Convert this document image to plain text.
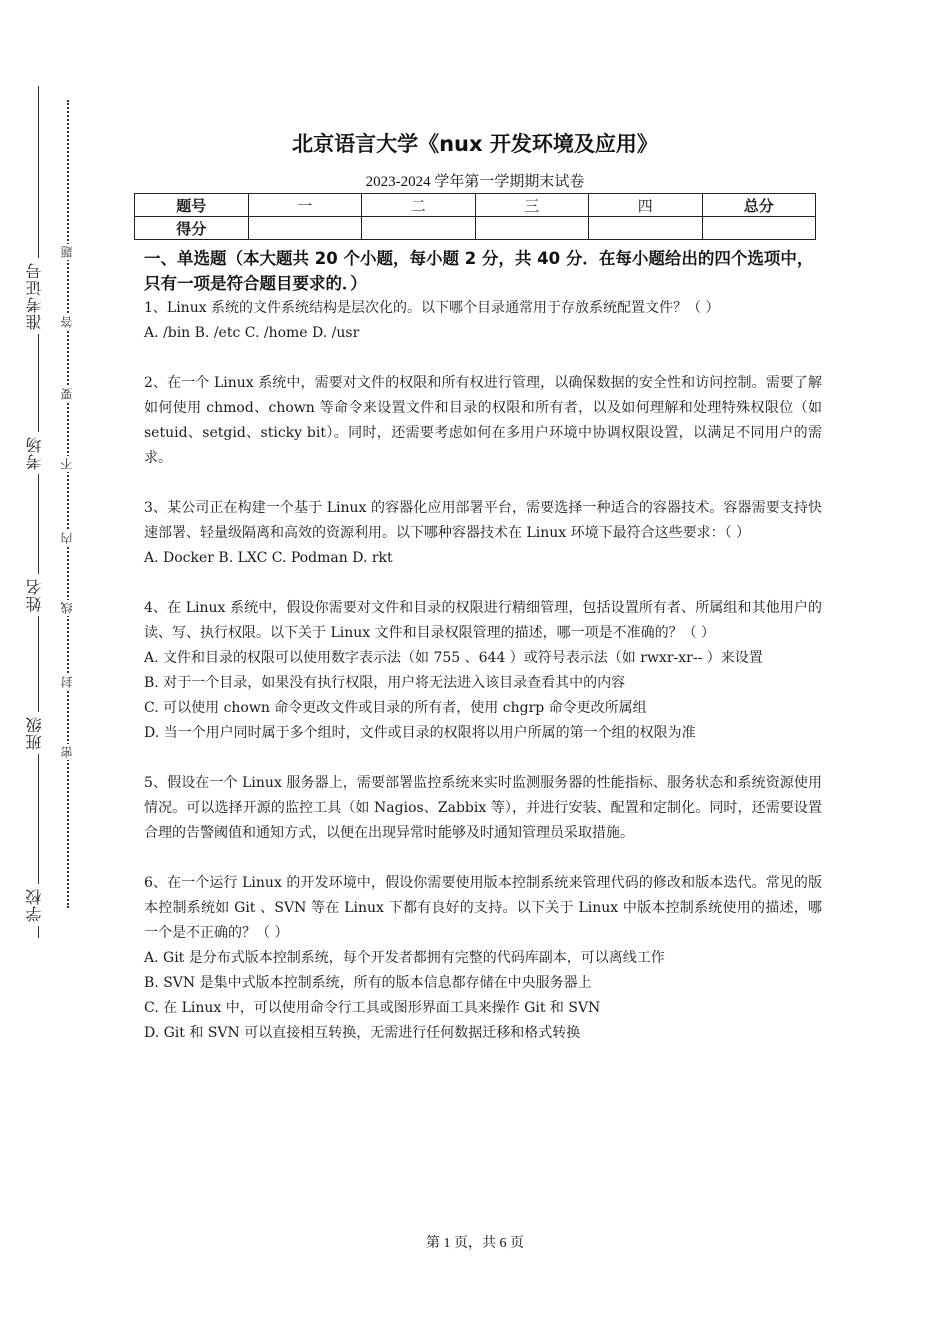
准考证号
考场
姓名
班级
学校
题
答
要
不
内
线
封
密
北京语言大学《nux 开发环境及应用》
2023-2024 学年第一学期期末试卷
题号	一	二	三	四	总分
得分					
一、单选题（本大题共 20 个小题，每小题 2 分，共 40 分．在每小题给出的四个选项中，只有一项是符合题目要求的．）

1、Linux 系统的文件系统结构是层次化的。以下哪个目录通常用于存放系统配置文件？（ ）

A. /bin B. /etc C. /home D. /usr

2、在一个 Linux 系统中，需要对文件的权限和所有权进行管理，以确保数据的安全性和访问控制。需要了解如何使用 chmod、chown 等命令来设置文件和目录的权限和所有者，以及如何理解和处理特殊权限位（如 setuid、setgid、sticky bit）。同时，还需要考虑如何在多用户环境中协调权限设置，以满足不同用户的需求。

3、某公司正在构建一个基于 Linux 的容器化应用部署平台，需要选择一种适合的容器技术。容器需要支持快速部署、轻量级隔离和高效的资源利用。以下哪种容器技术在 Linux 环境下最符合这些要求：（ ）

A. Docker B. LXC C. Podman D. rkt

4、在 Linux 系统中，假设你需要对文件和目录的权限进行精细管理，包括设置所有者、所属组和其他用户的读、写、执行权限。以下关于 Linux 文件和目录权限管理的描述，哪一项是不准确的？（ ）

A. 文件和目录的权限可以使用数字表示法（如 755 、644 ）或符号表示法（如 rwxr-xr-- ）来设置

B. 对于一个目录，如果没有执行权限，用户将无法进入该目录查看其中的内容

C. 可以使用 chown 命令更改文件或目录的所有者，使用 chgrp 命令更改所属组

D. 当一个用户同时属于多个组时，文件或目录的权限将以用户所属的第一个组的权限为准

5、假设在一个 Linux 服务器上，需要部署监控系统来实时监测服务器的性能指标、服务状态和系统资源使用情况。可以选择开源的监控工具（如 Nagios、Zabbix 等），并进行安装、配置和定制化。同时，还需要设置合理的告警阈值和通知方式，以便在出现异常时能够及时通知管理员采取措施。

6、在一个运行 Linux 的开发环境中，假设你需要使用版本控制系统来管理代码的修改和版本迭代。常见的版本控制系统如 Git 、SVN 等在 Linux 下都有良好的支持。以下关于 Linux 中版本控制系统使用的描述，哪一个是不正确的？（ ）

A. Git 是分布式版本控制系统，每个开发者都拥有完整的代码库副本，可以离线工作

B. SVN 是集中式版本控制系统，所有的版本信息都存储在中央服务器上

C. 在 Linux 中，可以使用命令行工具或图形界面工具来操作 Git 和 SVN

D. Git 和 SVN 可以直接相互转换，无需进行任何数据迁移和格式转换

第 1 页，共 6 页
